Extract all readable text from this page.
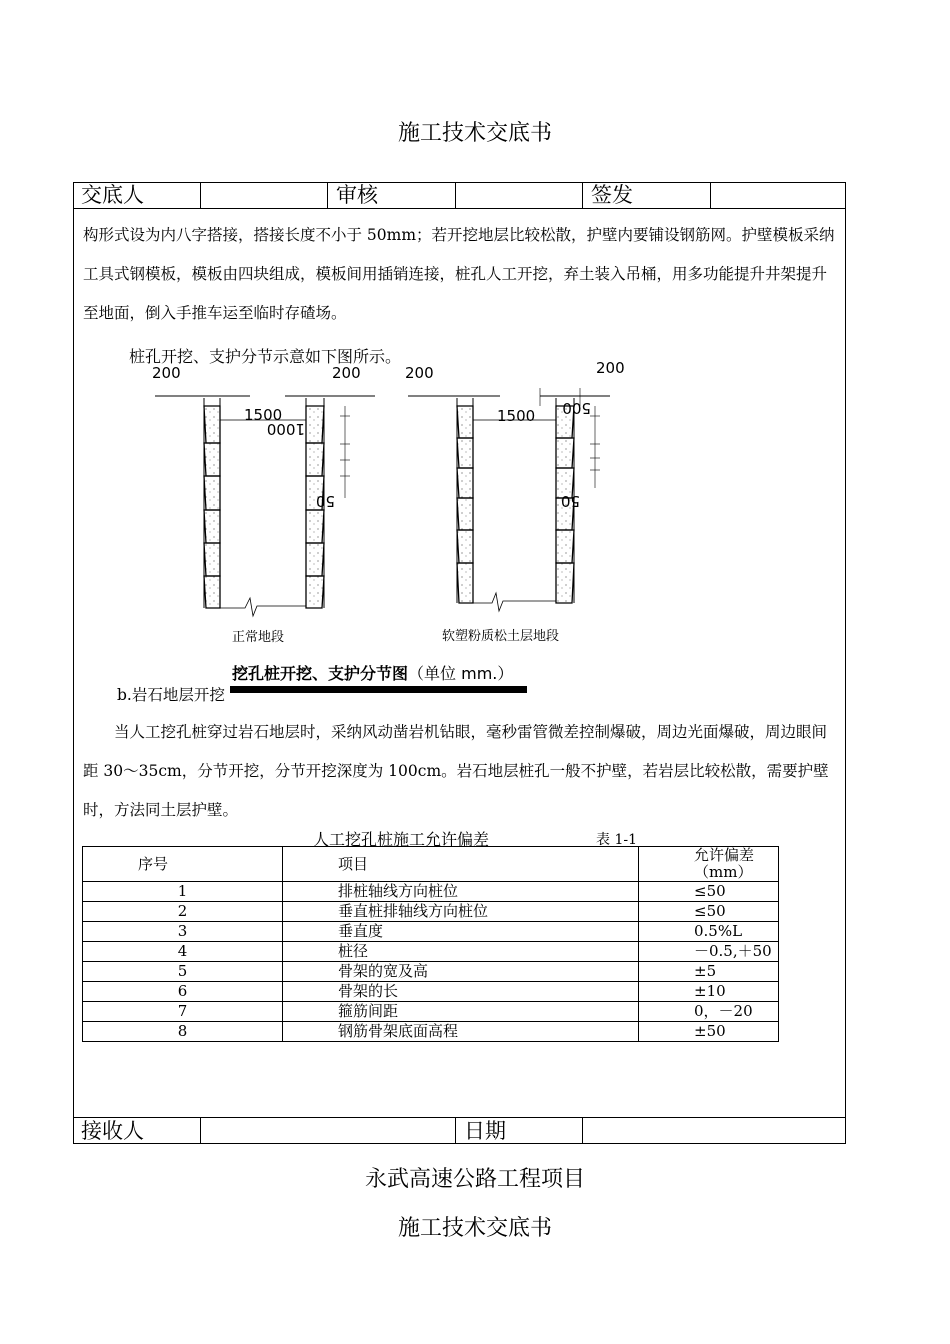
施工技术交底书
交底人	审核	签发

构形式设为内八字搭接，搭接长度不小于 50mm；若开挖地层比较松散，护壁内要铺设钢筋网。护壁模板采纳工具式钢模板，模板由四块组成，模板间用插销连接，桩孔人工开挖，弃土装入吊桶，用多功能提升井架提升至地面，倒入手推车运至临时存碴场。

桩孔开挖、支护分节示意如下图所示。
200	200
1500
1000
50
正常地段
200	200
1500 500
50
软塑粉质松土层地段
挖孔桩开挖、支护分节图（单位 mm.）
b.岩石地层开挖

当人工挖孔桩穿过岩石地层时，采纳风动凿岩机钻眼，毫秒雷管微差控制爆破，周边光面爆破，周边眼间距 30～35cm，分节开挖，分节开挖深度为 100cm。岩石地层桩孔一般不护壁，若岩层比较松散，需要护壁时，方法同土层护壁。

人工挖孔桩施工允许偏差	表 1-1
序号	项目	允许偏差（mm）
1	排桩轴线方向桩位	≤50
2	垂直桩排轴线方向桩位	≤50
3	垂直度	0.5%L
4	桩径	－0.5,＋50
5	骨架的宽及高	±5
6	骨架的长	±10
7	箍筋间距	0，－20
8	钢筋骨架底面高程	±50
接收人	日期
永武高速公路工程项目
施工技术交底书
